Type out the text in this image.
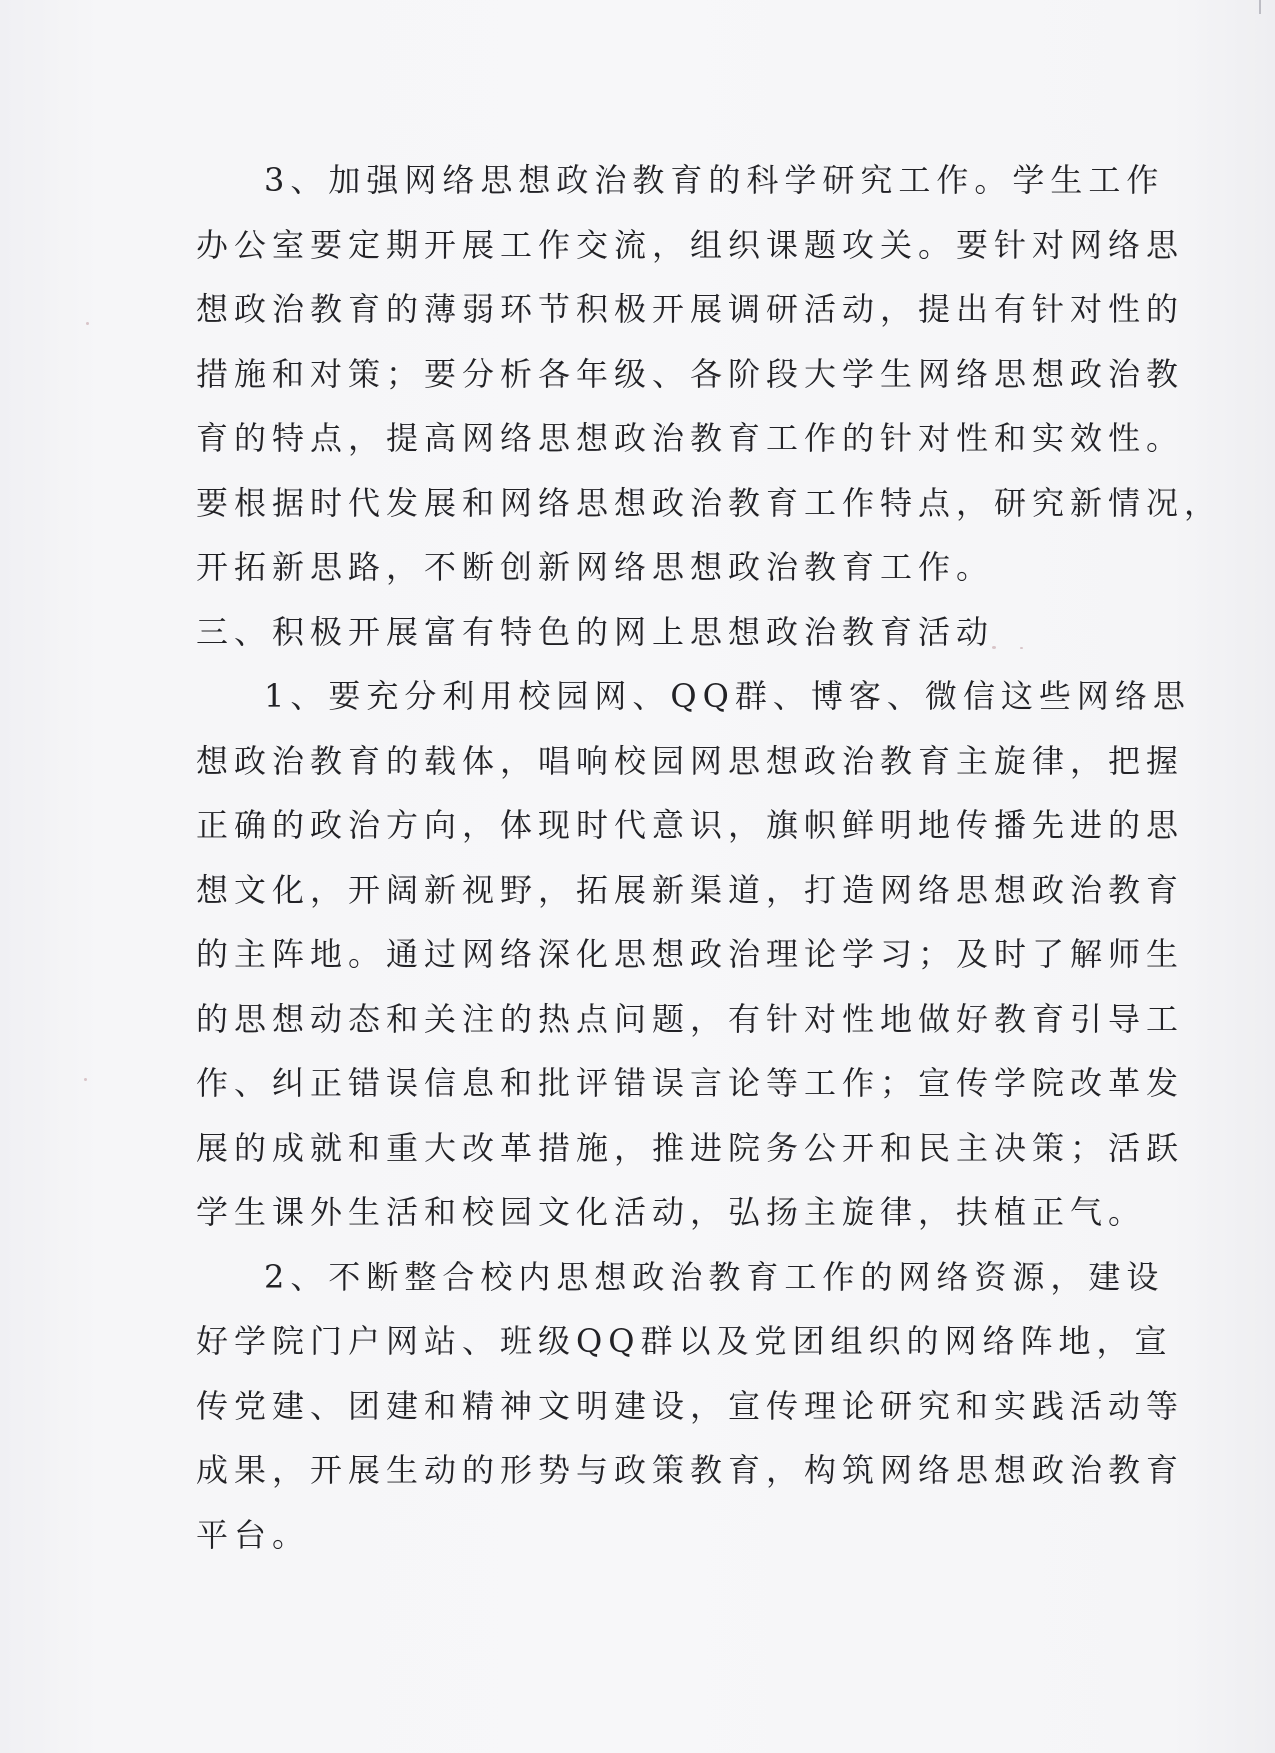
3、加强网络思想政治教育的科学研究工作。学生工作
办公室要定期开展工作交流，组织课题攻关。要针对网络思
想政治教育的薄弱环节积极开展调研活动，提出有针对性的
措施和对策；要分析各年级、各阶段大学生网络思想政治教
育的特点，提高网络思想政治教育工作的针对性和实效性。
要根据时代发展和网络思想政治教育工作特点，研究新情况，
开拓新思路，不断创新网络思想政治教育工作。
三、积极开展富有特色的网上思想政治教育活动
1、要充分利用校园网、QQ群、博客、微信这些网络思
想政治教育的载体，唱响校园网思想政治教育主旋律，把握
正确的政治方向，体现时代意识，旗帜鲜明地传播先进的思
想文化，开阔新视野，拓展新渠道，打造网络思想政治教育
的主阵地。通过网络深化思想政治理论学习；及时了解师生
的思想动态和关注的热点问题，有针对性地做好教育引导工
作、纠正错误信息和批评错误言论等工作；宣传学院改革发
展的成就和重大改革措施，推进院务公开和民主决策；活跃
学生课外生活和校园文化活动，弘扬主旋律，扶植正气。
2、不断整合校内思想政治教育工作的网络资源，建设
好学院门户网站、班级QQ群以及党团组织的网络阵地，宣
传党建、团建和精神文明建设，宣传理论研究和实践活动等
成果，开展生动的形势与政策教育，构筑网络思想政治教育
平台。
